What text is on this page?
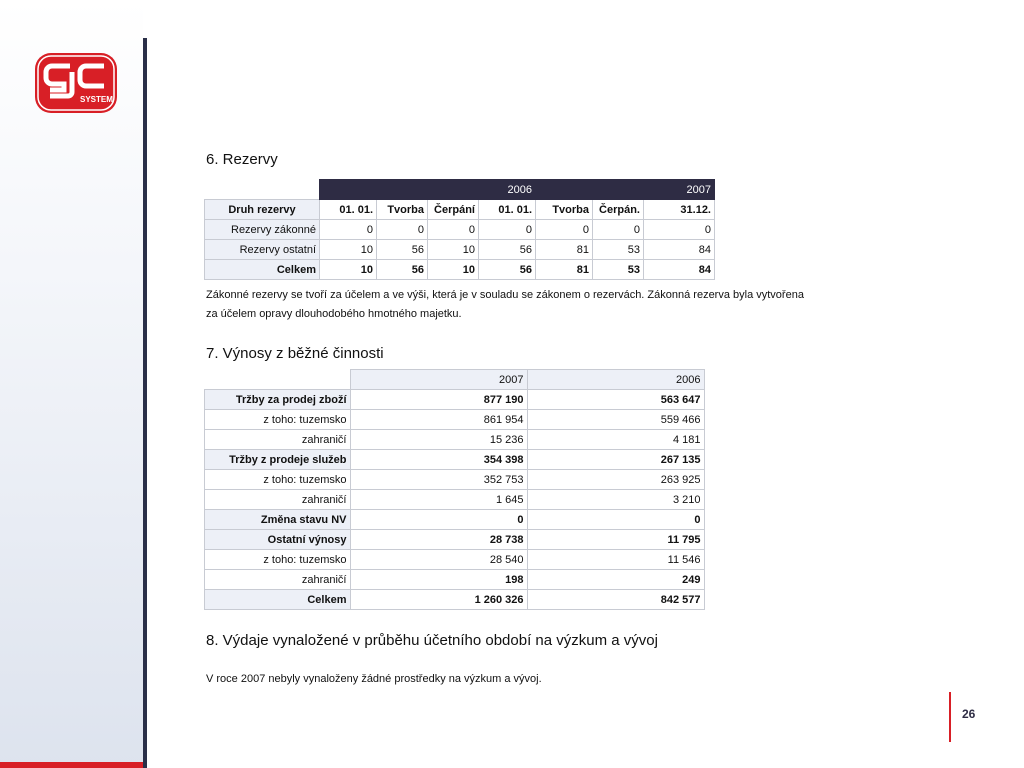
SYSTEM
6. Rezervy
	2006				2007		
Druh rezervy	01. 01.	Tvorba	Čerpání	01. 01.	Tvorba	Čerpán.	31.12.
Rezervy zákonné	0	0	0	0	0	0	0
Rezervy ostatní	10	56	10	56	81	53	84
Celkem	10	56	10	56	81	53	84

Zákonné rezervy se tvoří za účelem a ve výši, která je v souladu se zákonem o rezervách. Zákonná rezerva byla vytvořena

za účelem opravy dlouhodobého hmotného majetku.

7. Výnosy z běžné činnosti
	2007	2006
Tržby za prodej zboží	877 190	563 647
z toho: tuzemsko	861 954	559 466
zahraničí	15 236	4 181
Tržby z prodeje služeb	354 398	267 135
z toho: tuzemsko	352 753	263 925
zahraničí	1 645	3 210
Změna stavu NV	0	0
Ostatní výnosy	28 738	11 795
z toho: tuzemsko	28 540	11 546
zahraničí	198	249
Celkem	1 260 326	842 577
8. Výdaje vynaložené v průběhu účetního období na výzkum a vývoj

V roce 2007 nebyly vynaloženy žádné prostředky na výzkum a vývoj.

26
